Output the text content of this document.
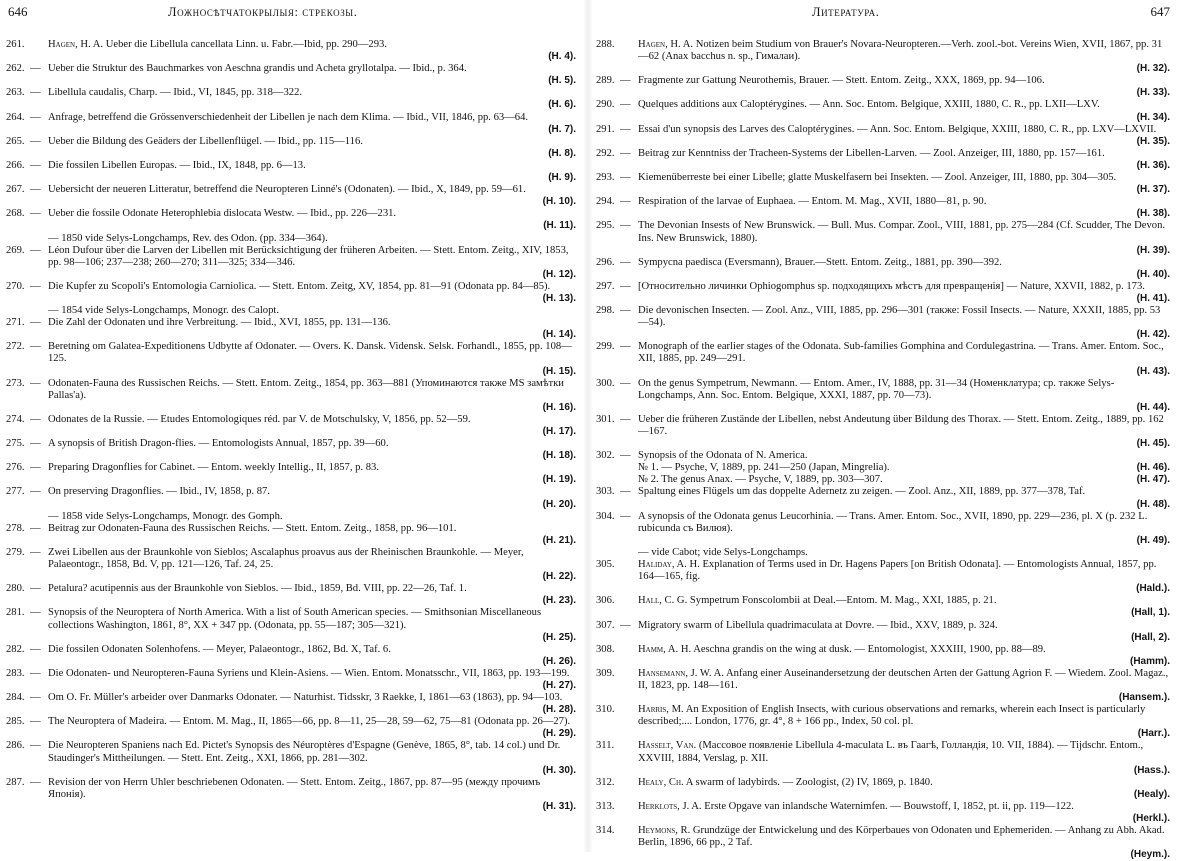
646	Ложносѣтчатокрылыя: стрекозы.
261.	Hagen, H. A. Ueber die Libellula cancellata Linn. u. Fabr.—Ibid, pp. 290—293.
(H. 4).
262. — Ueber die Struktur des Bauchmarkes von Aeschna grandis und Acheta gryllotalpa. — Ibid., p. 364.
(H. 5).
263. — Libellula caudalis, Charp. — Ibid., VI, 1845, pp. 318—322.
(H. 6).
264. — Anfrage, betreffend die Grössenverschiedenheit der Libellen je nach dem Klima. — Ibid., VII, 1846, pp. 63—64.
(H. 7).
265. — Ueber die Bildung des Geäders der Libellenflügel. — Ibid., pp. 115—116.
(H. 8).
266. — Die fossilen Libellen Europas. — Ibid., IX, 1848, pp. 6—13.
(H. 9).
267. — Uebersicht der neueren Litteratur, betreffend die Neuropteren Linné's (Odonaten). — Ibid., X, 1849, pp. 59—61.
(H. 10).
268. — Ueber die fossile Odonate Heterophlebia dislocata Westw. — Ibid., pp. 226—231.
(H. 11).
— 1850 vide Selys-Longchamps, Rev. des Odon. (pp. 334—364).
269. — Léon Dufour über die Larven der Libellen mit Berücksichtigung der früheren Arbeiten. — Stett. Entom. Zeitg., XIV, 1853, pp. 98—106; 237—238; 260—270; 311—325; 334—346.
(H. 12).
270. — Die Kupfer zu Scopoli's Entomologia Carniolica. — Stett. Entom. Zeitg, XV, 1854, pp. 81—91 (Odonata pp. 84—85).
(H. 13).
— 1854 vide Selys-Longchamps, Monogr. des Calopt.
271. — Die Zahl der Odonaten und ihre Verbreitung. — Ibid., XVI, 1855, pp. 131—136.
(H. 14).
272. — Beretning om Galatea-Expeditionens Udbytte af Odonater. — Overs. K. Dansk. Vidensk. Selsk. Forhandl., 1855, pp. 108—125.
(H. 15).
273. — Odonaten-Fauna des Russischen Reichs. — Stett. Entom. Zeitg., 1854, pp. 363—881 (Упоминаются также MS замѣтки Pallas'a).
(H. 16).
274. — Odonates de la Russie. — Etudes Entomologiques réd. par V. de Motschulsky, V, 1856, pp. 52—59.
(H. 17).
275. — A synopsis of British Dragon-flies. — Entomologists Annual, 1857, pp. 39—60.
(H. 18).
276. — Preparing Dragonflies for Cabinet. — Entom. weekly Intellig., II, 1857, p. 83.
(H. 19).
277. — On preserving Dragonflies. — Ibid., IV, 1858, p. 87.
(H. 20).
— 1858 vide Selys-Longchamps, Monogr. des Gomph.
278. — Beitrag zur Odonaten-Fauna des Russischen Reichs. — Stett. Entom. Zeitg., 1858, pp. 96—101.
(H. 21).
279. — Zwei Libellen aus der Braunkohle von Sieblos; Ascalaphus proavus aus der Rheinischen Braunkohle. — Meyer, Palaeontogr., 1858, Bd. V, pp. 121—126, Taf. 24, 25.
(H. 22).
280. — Petalura? acutipennis aus der Braunkohle von Sieblos. — Ibid., 1859, Bd. VIII, pp. 22—26, Taf. 1.
(H. 23).
281. — Synopsis of the Neuroptera of North America. With a list of South American species. — Smithsonian Miscellaneous collections Washington, 1861, 8°, XX + 347 pp. (Odonata, pp. 55—187; 305—321).
(H. 25).
282. — Die fossilen Odonaten Solenhofens. — Meyer, Palaeontogr., 1862, Bd. X, Taf. 6.
(H. 26).
283. — Die Odonaten- und Neuropteren-Fauna Syriens und Klein-Asiens. — Wien. Entom. Monatsschr., VII, 1863, pp. 193—199.
(H. 27).
284. — Om O. Fr. Müller's arbeider over Danmarks Odonater. — Naturhist. Tidsskr, 3 Raekke, I, 1861—63 (1863), pp. 94—103.
(H. 28).
285. — The Neuroptera of Madeira. — Entom. M. Mag., II, 1865—66, pp. 8—11, 25—28, 59—62, 75—81 (Odonata pp. 26—27).
(H. 29).
286. — Die Neuropteren Spaniens nach Ed. Pictet's Synopsis des Néuroptères d'Espagne (Genève, 1865, 8°, tab. 14 col.) und Dr. Staudinger's Mittheilungen. — Stett. Ent. Zeitg., XXI, 1866, pp. 281—302.
(H. 30).
287. — Revision der von Herrn Uhler beschriebenen Odonaten. — Stett. Entom. Zeitg., 1867, pp. 87—95 (между прочимъ Японія).
(H. 31).
Литература.	647
288.	Hagen, H. A. Notizen beim Studium von Brauer's Novara-Neuropteren.—Verh. zool.-bot. Vereins Wien, XVII, 1867, pp. 31—62 (Anax bacchus n. sp., Гималаи).
(H. 32).
289. — Fragmente zur Gattung Neurothemis, Brauer. — Stett. Entom. Zeitg., XXX, 1869, pp. 94—106.
(H. 33).
290. — Quelques additions aux Caloptérygines. — Ann. Soc. Entom. Belgique, XXIII, 1880, C. R., pp. LXII—LXV.
(H. 34).
291. — Essai d'un synopsis des Larves des Caloptérygines. — Ann. Soc. Entom. Belgique, XXIII, 1880, C. R., pp. LXV—LXVII.
(H. 35).
292. — Beitrag zur Kenntniss der Tracheen-Systems der Libellen-Larven. — Zool. Anzeiger, III, 1880, pp. 157—161.
(H. 36).
293. — Kiemenüberreste bei einer Libelle; glatte Muskelfasern bei Insekten. — Zool. Anzeiger, III, 1880, pp. 304—305.
(H. 37).
294. — Respiration of the larvae of Euphaea. — Entom. M. Mag., XVII, 1880—81, p. 90.
(H. 38).
295. — The Devonian Insests of New Brunswick. — Bull. Mus. Compar. Zool., VIII, 1881, pp. 275—284 (Cf. Scudder, The Devon. Ins. New Brunswick, 1880).
(H. 39).
296. — Sympycna paedisca (Eversmann), Brauer.—Stett. Entom. Zeitg., 1881, pp. 390—392.
(H. 40).
297. — [Относительно личинки Ophiogomphus sp. подходящихъ мѣстъ для превращенія] — Nature, XXVII, 1882, p. 173.
(H. 41).
298. — Die devonischen Insecten. — Zool. Anz., VIII, 1885, pp. 296—301 (также: Fossil Insects. — Nature, XXXII, 1885, pp. 53—54).
(H. 42).
299. — Monograph of the earlier stages of the Odonata. Sub-families Gomphina and Cordulegastrina. — Trans. Amer. Entom. Soc., XII, 1885, pp. 249—291.
(H. 43).
300. — On the genus Sympetrum, Newmann. — Entom. Amer., IV, 1888, pp. 31—34 (Номенклатура; ср. также Selys-Longchamps, Ann. Soc. Entom. Belgique, XXXI, 1887, pp. 70—73).
(H. 44).
301. — Ueber die früheren Zustände der Libellen, nebst Andeutung über Bildung des Thorax. — Stett. Entom. Zeitg., 1889, pp. 162—167.
(H. 45).
302. — Synopsis of the Odonata of N. America.
№ 1. — Psyche, V, 1889, pp. 241—250 (Japan, Mingrelia).	(H. 46).
№ 2. The genus Anax. — Psyche, V, 1889, pp. 303—307.	(H. 47).
303. — Spaltung eines Flügels um das doppelte Adernetz zu zeigen. — Zool. Anz., XII, 1889, pp. 377—378, Taf.
(H. 48).
304. — A synopsis of the Odonata genus Leucorhinia. — Trans. Amer. Entom. Soc., XVII, 1890, pp. 229—236, pl. X (p. 232 L. rubicunda съ Вилюя).
(H. 49).
— vide Cabot; vide Selys-Longchamps.
305.	Haliday, A. H. Explanation of Terms used in Dr. Hagens Papers [on British Odonata]. — Entomologists Annual, 1857, pp. 164—165, fig.
(Hald.).
306.	Hall, C. G. Sympetrum Fonscolombii at Deal.—Entom. M. Mag., XXI, 1885, p. 21.
(Hall, 1).
307. — Migratory swarm of Libellula quadrimaculata at Dovre. — Ibid., XXV, 1889, p. 324.
(Hall, 2).
308.	Hamm, A. H. Aeschna grandis on the wing at dusk. — Entomologist, XXXIII, 1900, pp. 88—89.
(Hamm).
309.	Hansemann, J. W. A. Anfang einer Auseinandersetzung der deutschen Arten der Gattung Agrion F. — Wiedem. Zool. Magaz., II, 1823, pp. 148—161.
(Hansem.).
310.	Harris, M. An Exposition of English Insects, with curious observations and remarks, wherein each Insect is particularly described;.... London, 1776, gr. 4°, 8 + 166 pp., Index, 50 col. pl.
(Harr.).
311.	Hasselt, Van. (Массовое появленіе Libellula 4-maculata L. въ Гаагѣ, Голландія, 10. VII, 1884). — Tijdschr. Entom., XXVIII, 1884, Verslag, p. XII.
(Hass.).
312.	Healy, Ch. A swarm of ladybirds. — Zoologist, (2) IV, 1869, p. 1840.
(Healy).
313.	Herklots, J. A. Erste Opgave van inlandsche Waternimfen. — Bouwstoff, I, 1852, pt. ii, pp. 119—122.
(Herkl.).
314.	Heymons, R. Grundzüge der Entwickelung und des Körperbaues von Odonaten und Ephemeriden. — Anhang zu Abh. Akad. Berlin, 1896, 66 pp., 2 Taf.
(Heym.).
